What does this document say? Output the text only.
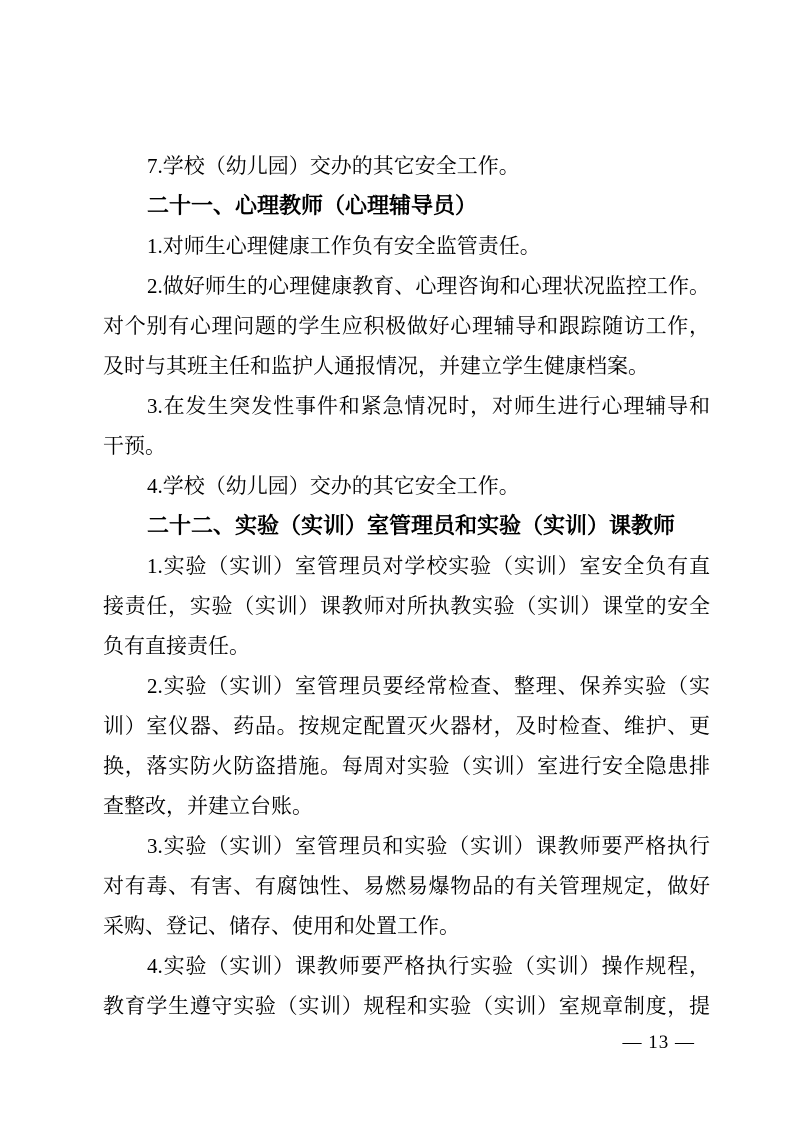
7.学校（幼儿园）交办的其它安全工作。
二十一、心理教师（心理辅导员）
1.对师生心理健康工作负有安全监管责任。
2.做好师生的心理健康教育、心理咨询和心理状况监控工作。
对个别有心理问题的学生应积极做好心理辅导和跟踪随访工作，
及时与其班主任和监护人通报情况，并建立学生健康档案。
3.在发生突发性事件和紧急情况时，对师生进行心理辅导和
干预。
4.学校（幼儿园）交办的其它安全工作。
二十二、实验（实训）室管理员和实验（实训）课教师
1.实验（实训）室管理员对学校实验（实训）室安全负有直
接责任，实验（实训）课教师对所执教实验（实训）课堂的安全
负有直接责任。
2.实验（实训）室管理员要经常检查、整理、保养实验（实
训）室仪器、药品。按规定配置灭火器材，及时检查、维护、更
换，落实防火防盗措施。每周对实验（实训）室进行安全隐患排
查整改，并建立台账。
3.实验（实训）室管理员和实验（实训）课教师要严格执行
对有毒、有害、有腐蚀性、易燃易爆物品的有关管理规定，做好
采购、登记、储存、使用和处置工作。
4.实验（实训）课教师要严格执行实验（实训）操作规程，
教育学生遵守实验（实训）规程和实验（实训）室规章制度，提
— 13 —
